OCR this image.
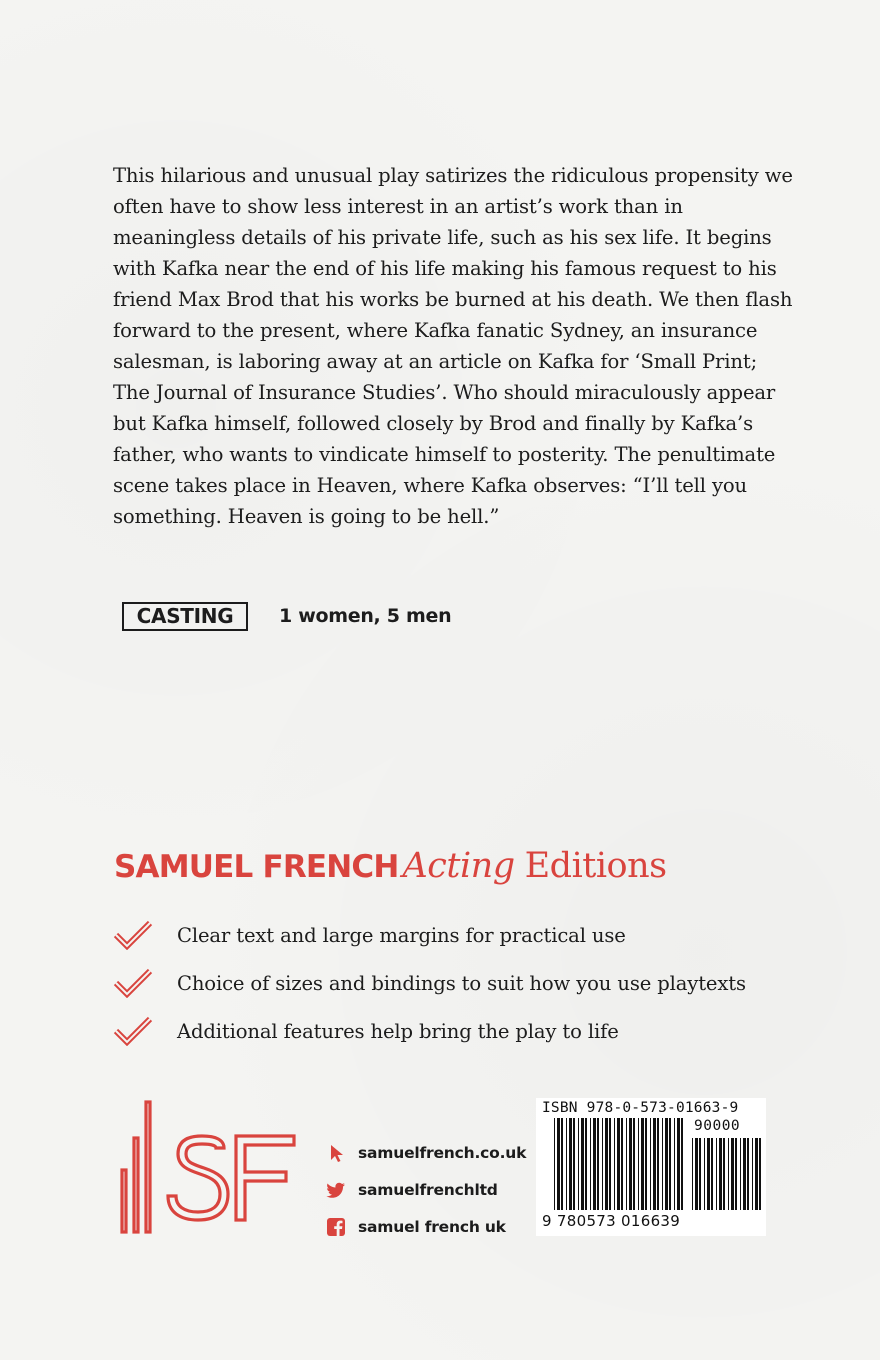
This hilarious and unusual play satirizes the ridiculous propensity we often have to show less interest in an artist’s work than in meaningless details of his private life, such as his sex life. It begins with Kafka near the end of his life making his famous request to his friend Max Brod that his works be burned at his death. We then flash forward to the present, where Kafka fanatic Sydney, an insurance salesman, is laboring away at an article on Kafka for ‘Small Print; The Journal of Insurance Studies’. Who should miraculously appear but Kafka himself, followed closely by Brod and finally by Kafka’s father, who wants to vindicate himself to posterity. The penultimate scene takes place in Heaven, where Kafka observes: “I’ll tell you something. Heaven is going to be hell.”

CASTING	1 women, 5 men
SAMUEL FRENCH Acting Editions
Clear text and large margins for practical use
Choice of sizes and bindings to suit how you use playtexts
Additional features help bring the play to life
samuelfrench.co.uk
samuelfrenchltd
samuel french uk
ISBN 978-0-573-01663-9
90000
9 780573 016639
